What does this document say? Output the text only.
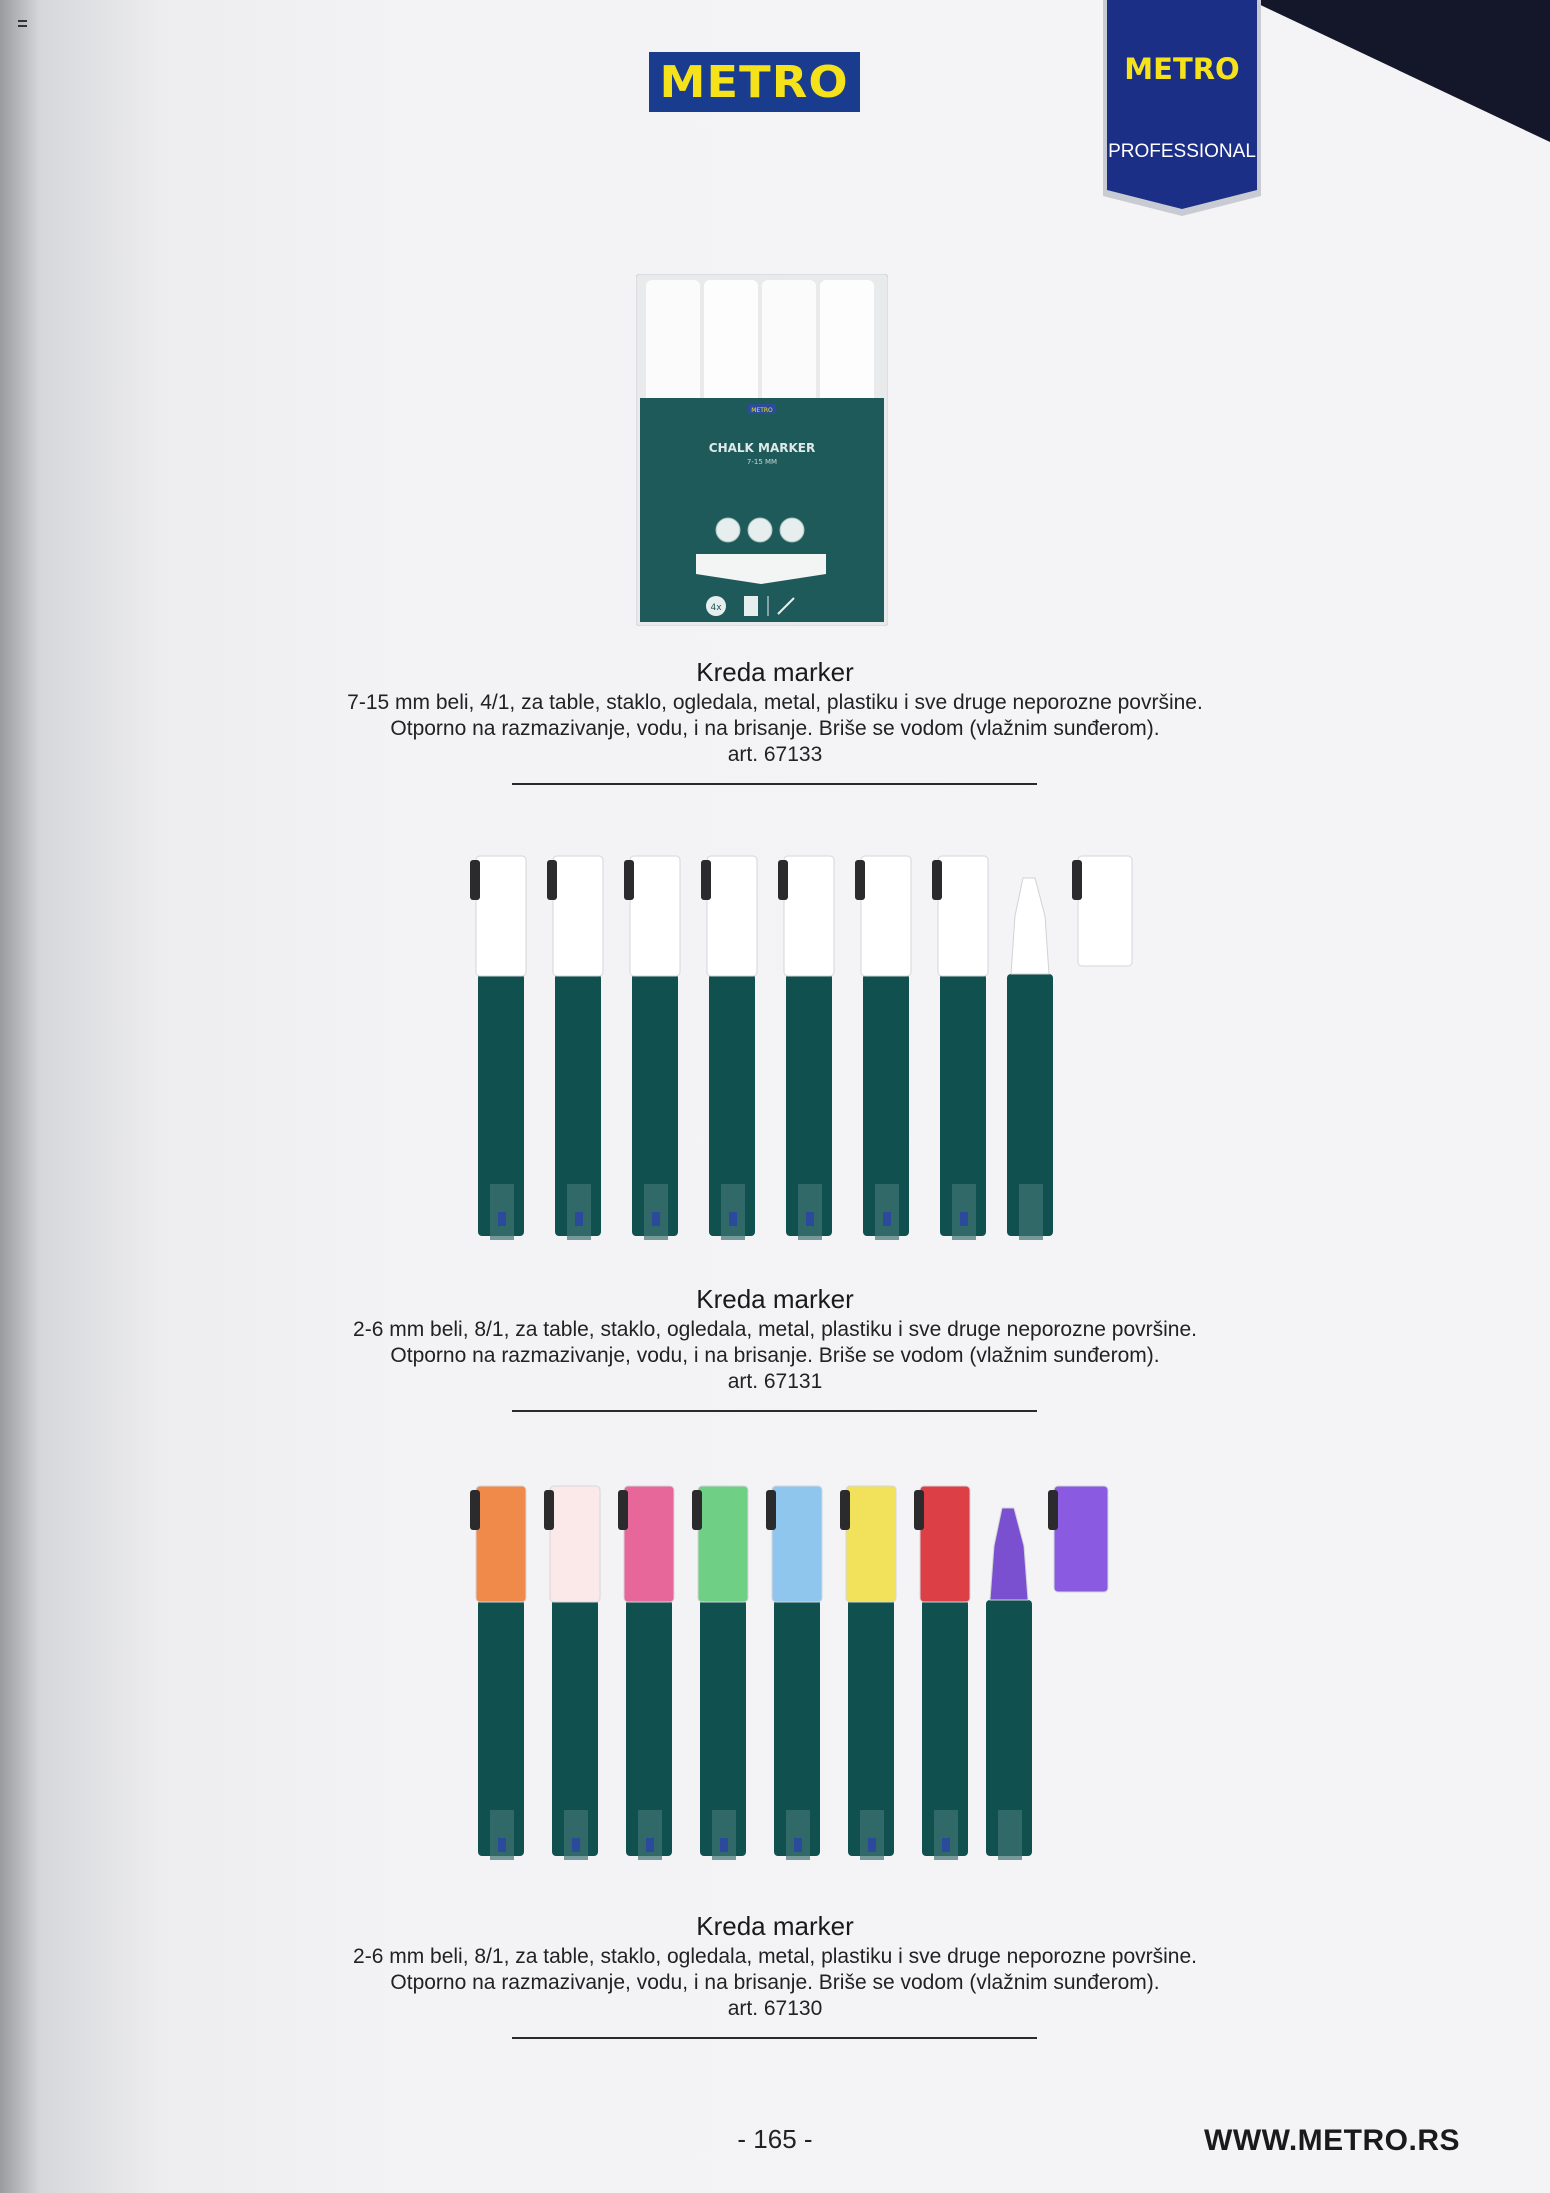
METRO	METRO
PROFESSIONAL
METRO
CHALK MARKER
7-15 MM
4x
Kreda marker
7-15 mm beli, 4/1, za table, staklo, ogledala, metal, plastiku i sve druge neporozne površine.
Otporno na razmazivanje, vodu, i na brisanje. Briše se vodom (vlažnim sunđerom).
art. 67133
Kreda marker
2-6 mm beli, 8/1, za table, staklo, ogledala, metal, plastiku i sve druge neporozne površine.
Otporno na razmazivanje, vodu, i na brisanje. Briše se vodom (vlažnim sunđerom).
art. 67131
Kreda marker
2-6 mm beli, 8/1, za table, staklo, ogledala, metal, plastiku i sve druge neporozne površine.
Otporno na razmazivanje, vodu, i na brisanje. Briše se vodom (vlažnim sunđerom).
art. 67130
- 165 -	WWW.METRO.RS
